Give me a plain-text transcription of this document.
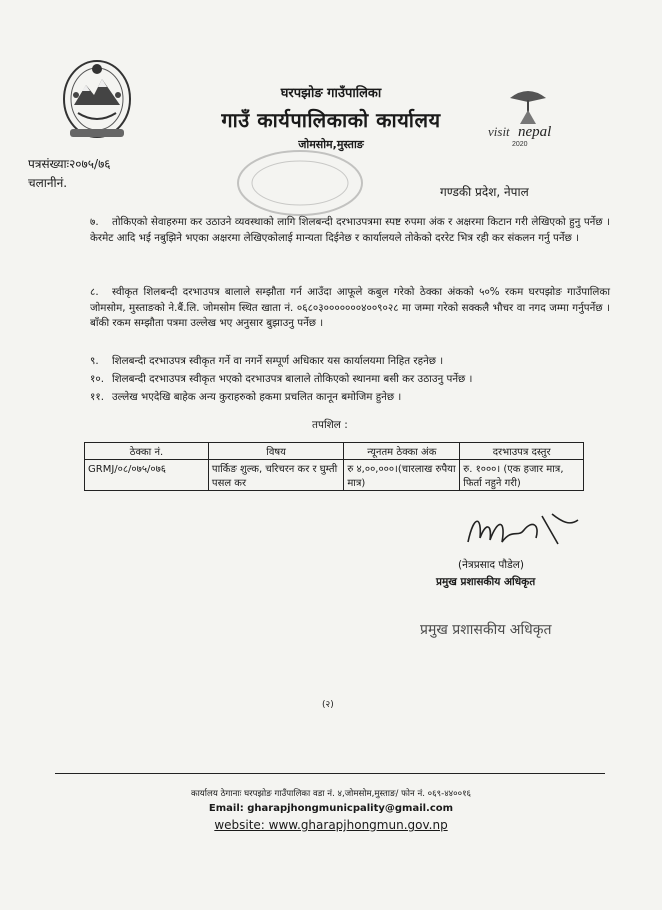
घरपझोङ गाउँपालिका
गाउँ कार्यपालिकाको कार्यालय
जोमसोम,मुस्ताङ
visit nepal
2020
पत्रसंख्याः२०७५/७६
चलानीनं.
गण्डकी प्रदेश, नेपाल
७. तोकिएको सेवाहरुमा कर उठाउने व्यवस्थाको लागि शिलबन्दी दरभाउपत्रमा स्पष्ट रुपमा अंक र अक्षरमा किटान गरी लेखिएको हुनु पर्नेछ । केरमेट आदि भई नबुझिने भएका अक्षरमा लेखिएकोलाई मान्यता दिईनेछ र कार्यालयले तोकेको दररेट भित्र रही कर संकलन गर्नु पर्नेछ ।
८. स्वीकृत शिलबन्दी दरभाउपत्र बालाले सम्झौता गर्न आउँदा आफूले कबुल गरेको ठेक्का अंकको ५०% रकम घरपझोङ गाउँपालिका जोमसोम, मुस्ताङको ने.बैं.लि. जोमसोम स्थित खाता नं. ०६८०३०००००००४००९०२८ मा जम्मा गरेको सक्कलै भौचर वा नगद जम्मा गर्नुपर्नेछ । बाँकी रकम सम्झौता पत्रमा उल्लेख भए अनुसार बुझाउनु पर्नेछ ।
९. शिलबन्दी दरभाउपत्र स्वीकृत गर्ने वा नगर्ने सम्पूर्ण अधिकार यस कार्यालयमा निहित रहनेछ ।
१०. शिलबन्दी दरभाउपत्र स्वीकृत भएको दरभाउपत्र बालाले तोकिएको स्थानमा बसी कर उठाउनु पर्नेछ ।
११. उल्लेख भएदेखि बाहेक अन्य कुराहरुको हकमा प्रचलित कानून बमोजिम हुनेछ ।
तपशिल :
ठेक्का नं.	विषय	न्यूनतम ठेक्का अंक	दरभाउपत्र दस्तुर
GRMJ/०८/०७५/०७६	पार्किङ शुल्क, चरिचरन कर र घुम्ती पसल कर	रु ४,००,०००।(चारलाख रुपैया मात्र)	रु. १०००। (एक हजार मात्र, फिर्ता नहुने गरी)
(नेत्रप्रसाद पौडेल)
प्रमुख प्रशासकीय अधिकृत
प्रमुख प्रशासकीय अधिकृत
(२)
कार्यालय ठेगानाः घरपझोङ गाउँपालिका वडा नं. ४,जोमसोम,मुस्ताङ/ फोन नं. ०६९-४४००१६
Email: gharapjhongmunicpality@gmail.com
website: www.gharapjhongmun.gov.np
